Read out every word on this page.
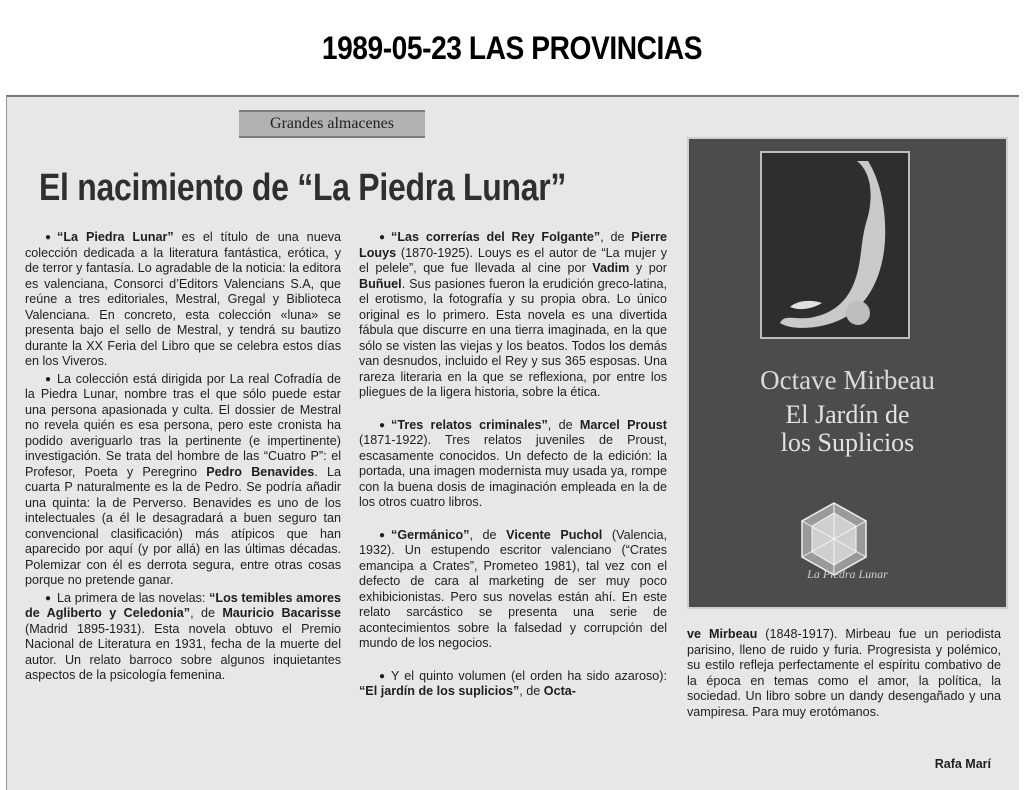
1989-05-23 LAS PROVINCIAS
Grandes almacenes
El nacimiento de “La Piedra Lunar”

● “La Piedra Lunar” es el título de una nueva colección dedicada a la literatura fantástica, erótica, y de terror y fantasía. Lo agradable de la noticia: la editora es valenciana, Consorci d’Editors Valencians S.A, que reúne a tres editoriales, Mestral, Gregal y Biblioteca Valenciana. En concreto, esta colección «luna» se presenta bajo el sello de Mestral, y tendrá su bautizo durante la XX Feria del Libro que se celebra estos días en los Viveros.

● La colección está dirigida por La real Cofradía de la Piedra Lunar, nombre tras el que sólo puede estar una persona apasionada y culta. El dossier de Mestral no revela quién es esa persona, pero este cronista ha podido averiguarlo tras la pertinente (e impertinente) investigación. Se trata del hombre de las “Cuatro P”: el Profesor, Poeta y Peregrino Pedro Benavides. La cuarta P naturalmente es la de Pedro. Se podría añadir una quinta: la de Perverso. Benavides es uno de los intelectuales (a él le desagradará a buen seguro tan convencional clasificación) más atípicos que han aparecido por aquí (y por allá) en las últimas décadas. Polemizar con él es derrota segura, entre otras cosas porque no pretende ganar.

● La primera de las novelas: “Los temibles amores de Agliberto y Celedonia”, de Mauricio Bacarisse (Madrid 1895-1931). Esta novela obtuvo el Premio Nacional de Literatura en 1931, fecha de la muerte del autor. Un relato barroco sobre algunos inquietantes aspectos de la psicología femenina.

● “Las correrías del Rey Folgante”, de Pierre Louys (1870-1925). Louys es el autor de “La mujer y el pelele”, que fue llevada al cine por Vadim y por Buñuel. Sus pasiones fueron la erudición greco-latina, el erotismo, la fotografía y su propia obra. Lo único original es lo primero. Esta novela es una divertida fábula que discurre en una tierra imaginada, en la que sólo se visten las viejas y los beatos. Todos los demás van desnudos, incluido el Rey y sus 365 esposas. Una rareza literaria en la que se reflexiona, por entre los pliegues de la ligera historia, sobre la ética.

● “Tres relatos criminales”, de Marcel Proust (1871-1922). Tres relatos juveniles de Proust, escasamente conocidos. Un defecto de la edición: la portada, una imagen modernista muy usada ya, rompe con la buena dosis de imaginación empleada en la de los otros cuatro libros.

● “Germánico”, de Vicente Puchol (Valencia, 1932). Un estupendo escritor valenciano (“Crates emancipa a Crates”, Prometeo 1981), tal vez con el defecto de cara al marketing de ser muy poco exhibicionistas. Pero sus novelas están ahí. En este relato sarcástico se presenta una serie de acontecimientos sobre la falsedad y corrupción del mundo de los negocios.

● Y el quinto volumen (el orden ha sido azaroso): “El jardín de los suplicios”, de Octa-

Octave Mirbeau
El Jardín de
los Suplicios
La Piedra Lunar

ve Mirbeau (1848-1917). Mirbeau fue un periodista parisino, lleno de ruido y furia. Progresista y polémico, su estilo refleja perfectamente el espíritu combativo de la época en temas como el amor, la política, la sociedad. Un libro sobre un dandy desengañado y una vampiresa. Para muy erotómanos.

Rafa Marí
